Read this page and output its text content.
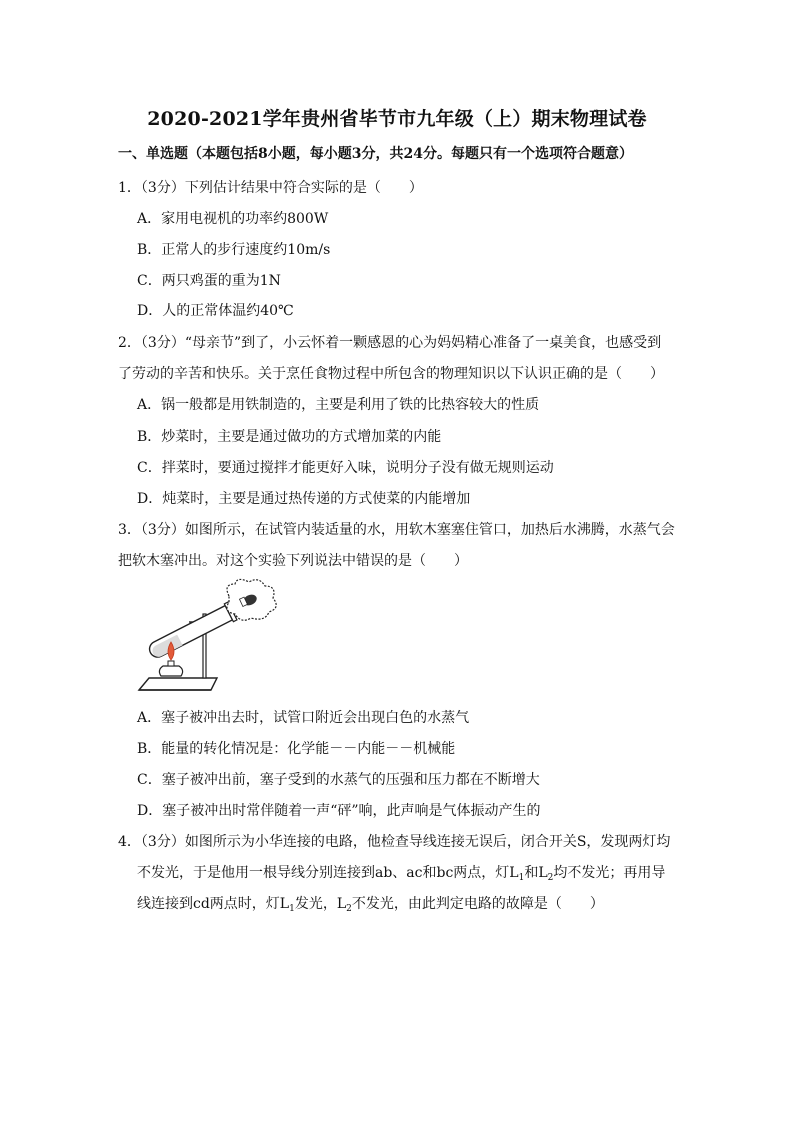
2020-2021学年贵州省毕节市九年级（上）期末物理试卷
一、单选题（本题包括8小题，每小题3分，共24分。每题只有一个选项符合题意）
1．（3分）下列估计结果中符合实际的是（　　）
A．家用电视机的功率约800W
B．正常人的步行速度约10m/s
C．两只鸡蛋的重为1N
D．人的正常体温约40℃
2．（3分）“母亲节”到了，小云怀着一颗感恩的心为妈妈精心准备了一桌美食，也感受到
了劳动的辛苦和快乐。关于烹任食物过程中所包含的物理知识以下认识正确的是（　　）
A．锅一般都是用铁制造的，主要是利用了铁的比热容较大的性质
B．炒菜时，主要是通过做功的方式增加菜的内能
C．拌菜时，要通过搅拌才能更好入味，说明分子没有做无规则运动
D．炖菜时，主要是通过热传递的方式使菜的内能增加
3．（3分）如图所示，在试管内装适量的水，用软木塞塞住管口，加热后水沸腾，水蒸气会
把软木塞冲出。对这个实验下列说法中错误的是（　　）
A．塞子被冲出去时，试管口附近会出现白色的水蒸气
B．能量的转化情况是：化学能－－内能－－机械能
C．塞子被冲出前，塞子受到的水蒸气的压强和压力都在不断增大
D．塞子被冲出时常伴随着一声“砰”响，此声响是气体振动产生的
4．（3分）如图所示为小华连接的电路，他检查导线连接无误后，闭合开关S，发现两灯均
不发光，于是他用一根导线分别连接到ab、ac和bc两点，灯$L_1$和$L_2$均不发光；再用导
线连接到cd两点时，灯$L_1$发光，$L_2$不发光，由此判定电路的故障是（　　）
